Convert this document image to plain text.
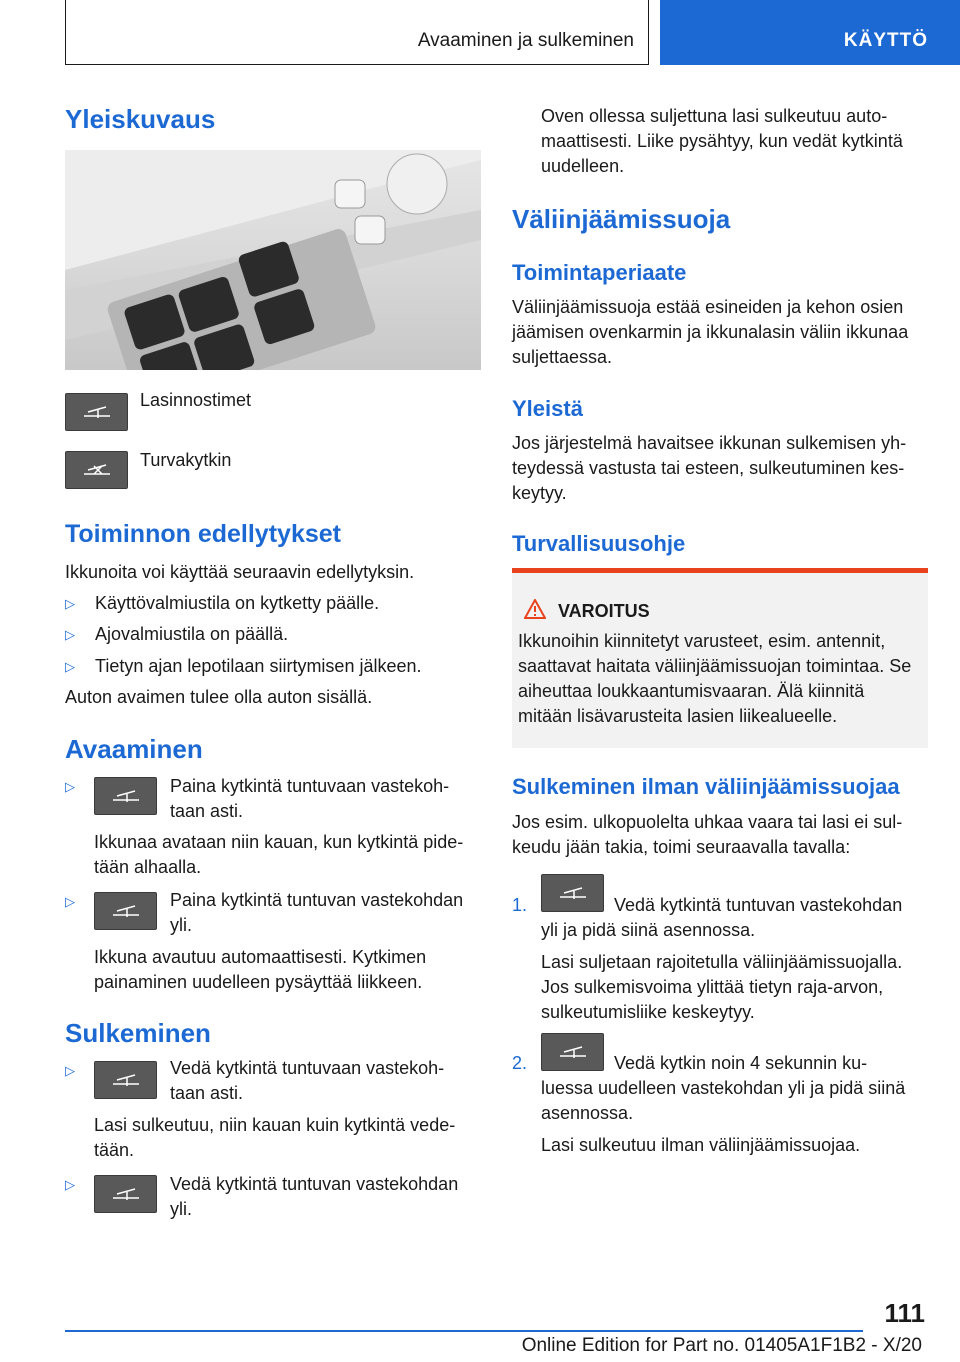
Avaaminen ja sulkeminen	KÄYTTÖ
Yleiskuvaus
Lasinnostimet
Turvakytkin
Toiminnon edellytykset
Ikkunoita voi käyttää seuraavin edellytyksin.
▷ Käyttövalmiustila on kytketty päälle.
▷ Ajovalmiustila on päällä.
▷ Tietyn ajan lepotilaan siirtymisen jälkeen.
Auton avaimen tulee olla auton sisällä.
Avaaminen
▷	Paina kytkintä tuntuvaan vastekoh-
taan asti.
Ikkunaa avataan niin kauan, kun kytkintä pide-tään alhaalla.
▷	Paina kytkintä tuntuvan vastekohdan
yli.
Ikkuna avautuu automaattisesti. Kytkimen painaminen uudelleen pysäyttää liikkeen.
Sulkeminen
▷	Vedä kytkintä tuntuvaan vastekoh-
taan asti.
Lasi sulkeutuu, niin kauan kuin kytkintä vede-tään.
▷	Vedä kytkintä tuntuvan vastekohdan
yli.
Oven ollessa suljettuna lasi sulkeutuu auto-maattisesti. Liike pysähtyy, kun vedät kytkintä uudelleen.
Väliinjäämissuoja
Toimintaperiaate
Väliinjäämissuoja estää esineiden ja kehon osien jäämisen ovenkarmin ja ikkunalasin väliin ikkunaa suljettaessa.
Yleistä
Jos järjestelmä havaitsee ikkunan sulkemisen yh-teydessä vastusta tai esteen, sulkeutuminen kes-keytyy.
Turvallisuusohje
VAROITUS
Ikkunoihin kiinnitetyt varusteet, esim. antennit, saattavat haitata väliinjäämissuojan toimintaa. Se aiheuttaa loukkaantumisvaaran. Älä kiinnitä mitään lisävarusteita lasien liikealueelle.
Sulkeminen ilman väliinjäämissuojaa
Jos esim. ulkopuolelta uhkaa vaara tai lasi ei sul-keudu jään takia, toimi seuraavalla tavalla:
1.	Vedä kytkintä tuntuvan vastekohdan
yli ja pidä siinä asennossa.
Lasi suljetaan rajoitetulla väliinjäämissuojalla. Jos sulkemisvoima ylittää tietyn raja-arvon, sulkeutumisliike keskeytyy.
2.	Vedä kytkin noin 4 sekunnin ku-
luessa uudelleen vastekohdan yli ja pidä siinä asennossa.
Lasi sulkeutuu ilman väliinjäämissuojaa.
111
Online Edition for Part no. 01405A1F1B2 - X/20
